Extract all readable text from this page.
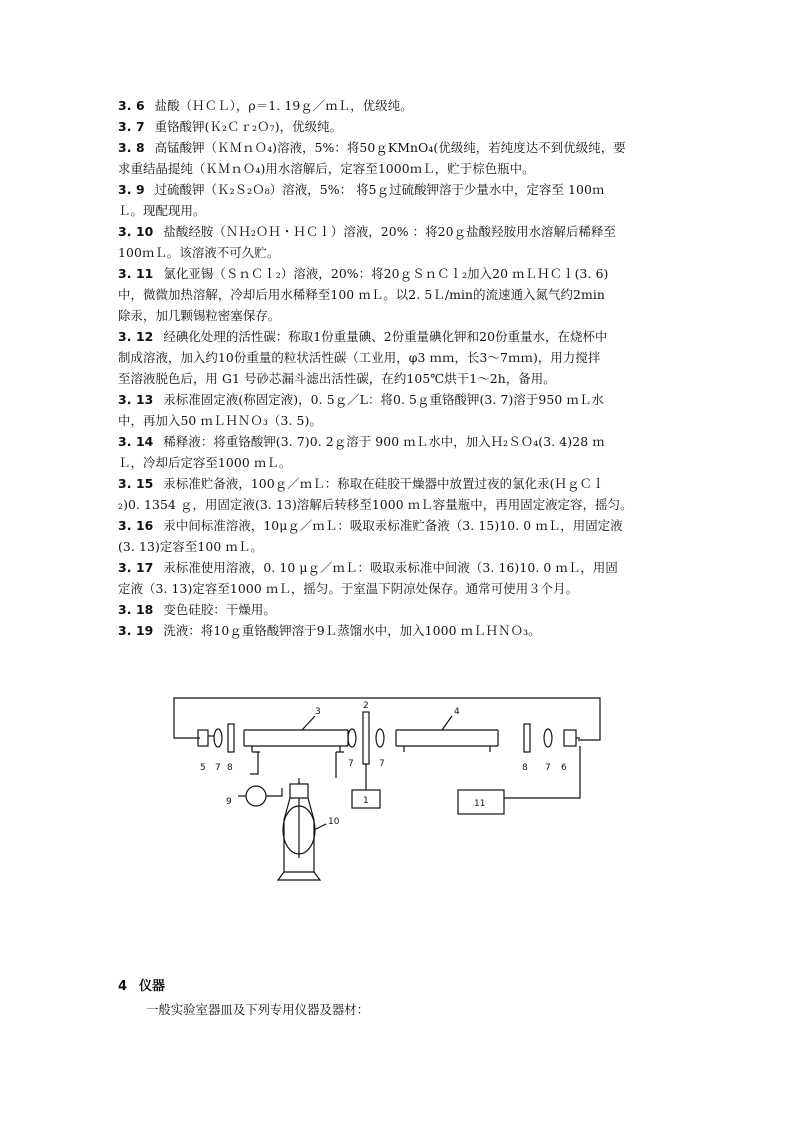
3. 6 盐酸（ＨＣＬ），ρ＝1. 19ｇ／ｍＬ，优级纯。
3. 7 重铬酸钾(Ｋ₂Ｃｒ₂Ｏ₇)，优级纯。
3. 8 高锰酸钾（ＫＭｎＯ₄)溶液，5%：将50ｇKMnO₄(优级纯，若纯度达不到优级纯，要
求重结晶提纯（ＫＭｎＯ₄)用水溶解后，定容至1000ｍＬ，贮于棕色瓶中。
3. 9 过硫酸钾（Ｋ₂Ｓ₂Ｏ₈）溶液，5%： 将5ｇ过硫酸钾溶于少量水中，定容至 100ｍ
Ｌ。现配现用。
3. 10 盐酸经胺（ＮＨ₂ＯＨ・ＨＣｌ）溶液，20% ：将20ｇ盐酸羟胺用水溶解后稀释至
100ｍＬ。该溶液不可久贮。
3. 11 氯化亚锡（ＳｎＣｌ₂）溶液，20%：将20ｇＳｎＣｌ₂加入20 ｍＬＨＣｌ(3. 6)
中，微微加热溶解，冷却后用水稀释至100 ｍＬ。以2. 5Ｌ/min的流速通入氮气约2min
除汞，加几颗锡粒密塞保存。
3. 12 经碘化处理的活性碳：称取1份重量碘、2份重量碘化钾和20份重量水，在烧杯中
制成溶液，加入约10份重量的粒状活性碳（工业用，φ3 ｍｍ，长3～7ｍｍ)，用力搅拌
至溶液脱色后，用 G1 号砂芯漏斗滤出活性碳，在约105℃烘干1～2h，备用。
3. 13 汞标准固定液(称固定液)，0. 5ｇ／L：将0. 5ｇ重铬酸钾(3. 7)溶于950 ｍＬ水
中，再加入50 ｍＬＨＮＯ₃（3. 5)。
3. 14 稀释液：将重铬酸钾(3. 7)0. 2ｇ溶于 900 ｍＬ水中，加入Ｈ₂ＳＯ₄(3. 4)28 ｍ
Ｌ，冷却后定容至1000 ｍＬ。
3. 15 汞标准贮备液，100ｇ／ｍＬ：称取在硅胶干燥器中放置过夜的氯化汞(ＨｇＣｌ
₂)0. 1354 ｇ，用固定液(3. 13)溶解后转移至1000 ｍＬ容量瓶中，再用固定液定容，摇匀。
3. 16 汞中间标准溶液，10μｇ／ｍＬ：吸取汞标准贮备液（3. 15)10. 0 ｍＬ，用固定液
(3. 13)定容至100 ｍＬ。
3. 17 汞标准使用溶液，0. 10 μｇ／ｍＬ：吸取汞标准中间液（3. 16)10. 0 ｍＬ，用固
定液（3. 13)定容至1000 ｍＬ，摇匀。于室温下阴凉处保存。通常可使用３个月。
3. 18 变色硅胶：干燥用。
3. 19 洗液：将10ｇ重铬酸钾溶于9Ｌ蒸馏水中，加入1000 ｍＬＨＮＯ₃。
5 7 8
3
7
2
7
1
4
8 7 6
11
9
10
4 仪器
一般实验室器皿及下列专用仪器及器材：
